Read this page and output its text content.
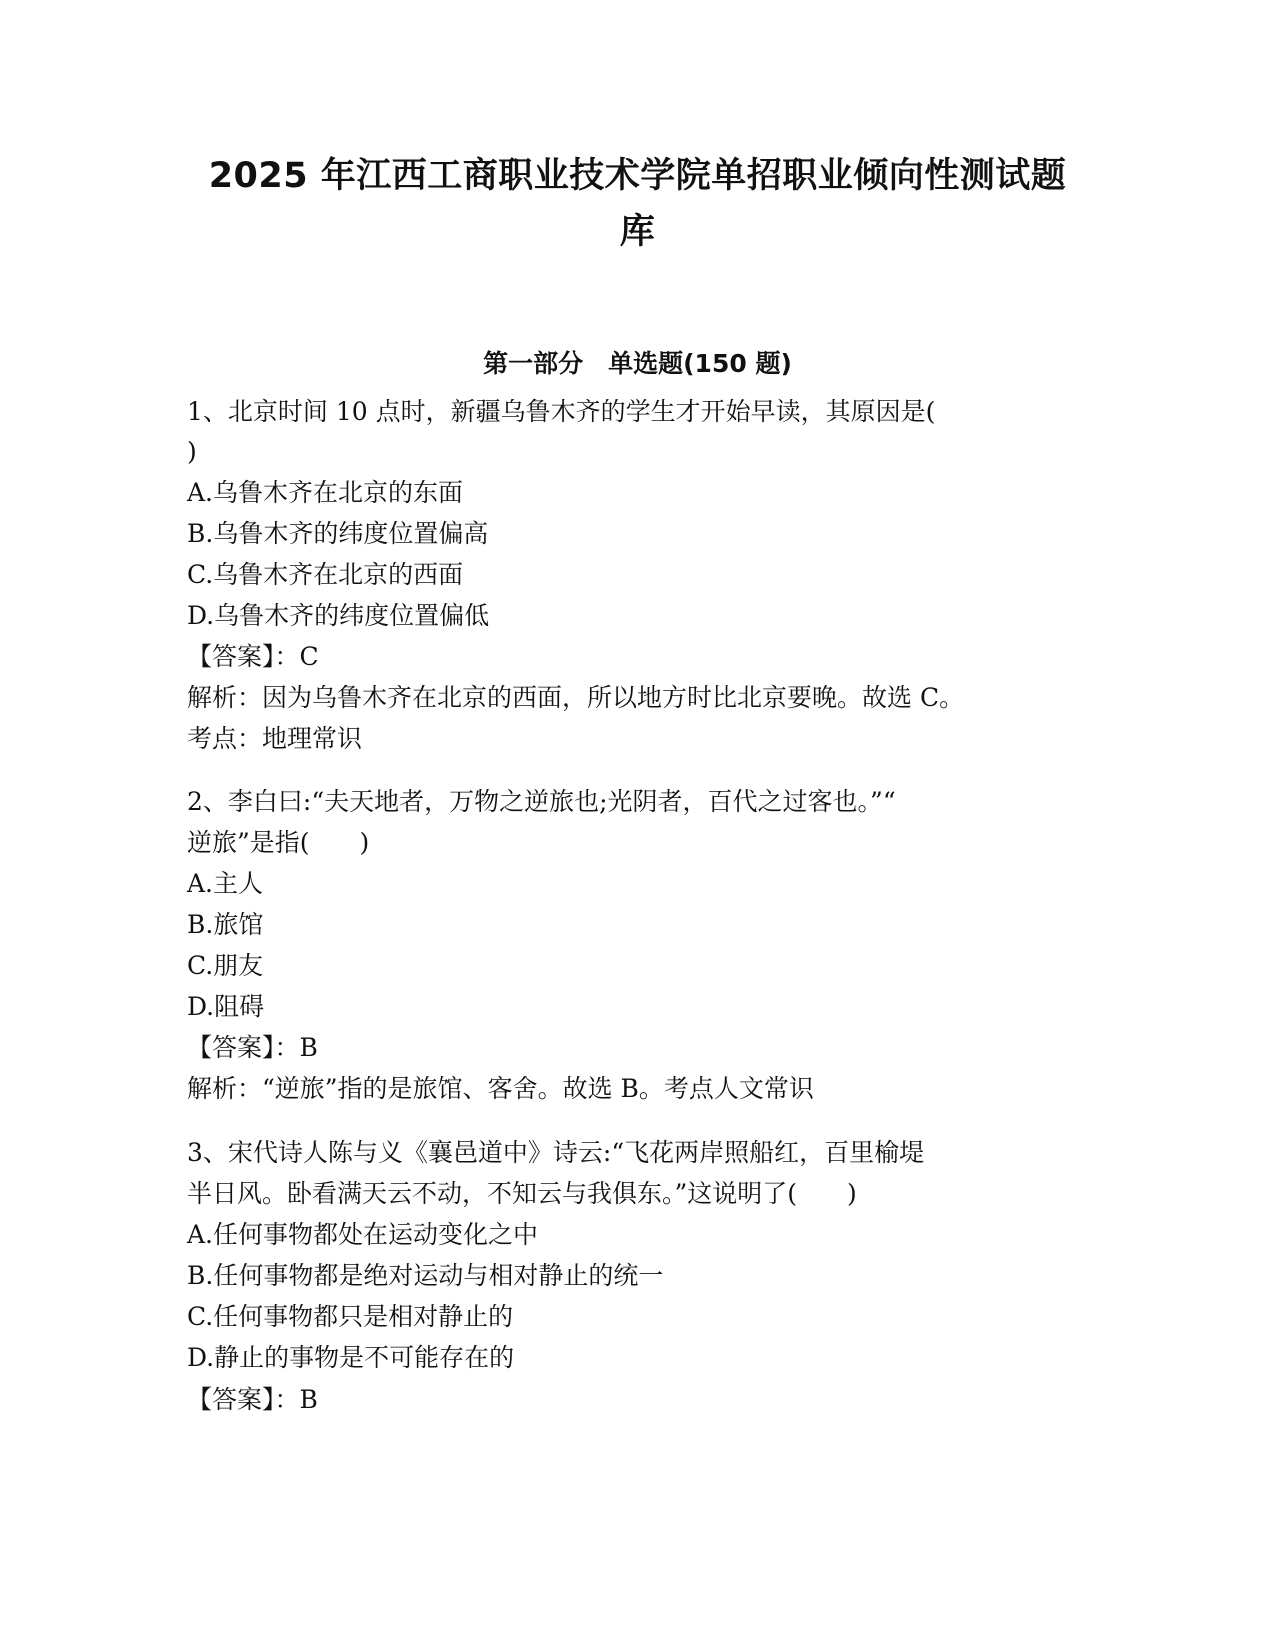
2025 年江西工商职业技术学院单招职业倾向性测试题
库
第一部分　单选题(150 题)

1、北京时间 10 点时，新疆乌鲁木齐的学生才开始早读，其原因是(

)

A.乌鲁木齐在北京的东面

B.乌鲁木齐的纬度位置偏高

C.乌鲁木齐在北京的西面

D.乌鲁木齐的纬度位置偏低

【答案】：C

解析：因为乌鲁木齐在北京的西面，所以地方时比北京要晚。故选 C。

考点：地理常识

2、李白曰:“夫天地者，万物之逆旅也;光阴者，百代之过客也。”“

逆旅”是指(　　)

A.主人

B.旅馆

C.朋友

D.阻碍

【答案】：B

解析：“逆旅”指的是旅馆、客舍。故选 B。考点人文常识

3、宋代诗人陈与义《襄邑道中》诗云:“飞花两岸照船红，百里榆堤

半日风。卧看满天云不动，不知云与我俱东。”这说明了(　　)

A.任何事物都处在运动变化之中

B.任何事物都是绝对运动与相对静止的统一

C.任何事物都只是相对静止的

D.静止的事物是不可能存在的

【答案】：B
